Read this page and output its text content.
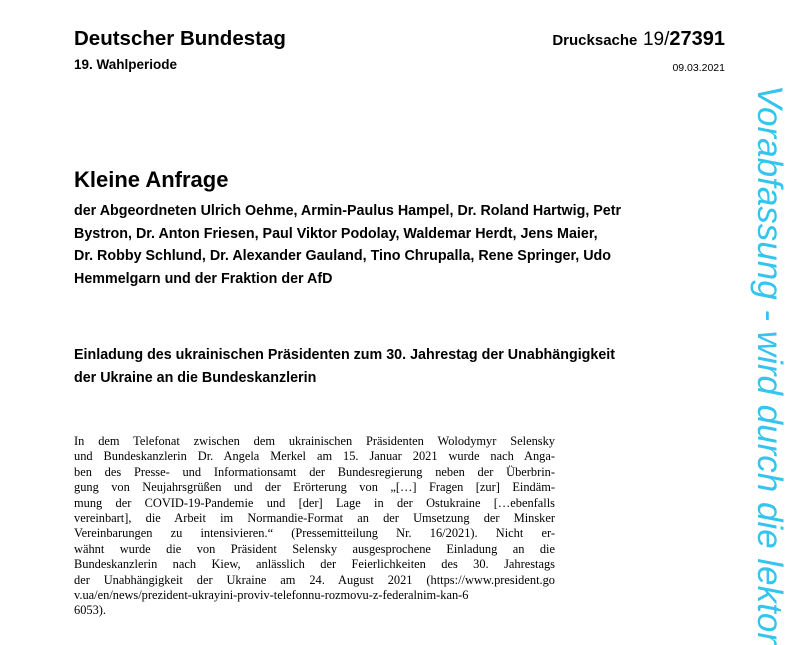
Deutscher Bundestag
19. Wahlperiode
Drucksache 19/27391
09.03.2021
Kleine Anfrage
der Abgeordneten Ulrich Oehme, Armin-Paulus Hampel, Dr. Roland Hartwig, Petr
Bystron, Dr. Anton Friesen, Paul Viktor Podolay, Waldemar Herdt, Jens Maier,
Dr. Robby Schlund, Dr. Alexander Gauland, Tino Chrupalla, Rene Springer, Udo
Hemmelgarn und der Fraktion der AfD
Einladung des ukrainischen Präsidenten zum 30. Jahrestag der Unabhängigkeit
der Ukraine an die Bundeskanzlerin
In dem Telefonat zwischen dem ukrainischen Präsidenten Wolodymyr Selensky
und Bundeskanzlerin Dr. Angela Merkel am 15. Januar 2021 wurde nach Anga-
ben des Presse- und Informationsamt der Bundesregierung neben der Überbrin-
gung von Neujahrsgrüßen und der Erörterung von „[…] Fragen [zur] Eindäm-
mung der COVID-19-Pandemie und [der] Lage in der Ostukraine […ebenfalls
vereinbart], die Arbeit im Normandie-Format an der Umsetzung der Minsker
Vereinbarungen zu intensivieren.“ (Pressemitteilung Nr. 16/2021). Nicht er-
wähnt wurde die von Präsident Selensky ausgesprochene Einladung an die
Bundeskanzlerin nach Kiew, anlässlich der Feierlichkeiten des 30. Jahrestags
der Unabhängigkeit der Ukraine am 24. August 2021 (https://www.president.go
v.ua/en/news/prezident-ukrayini-proviv-telefonnu-rozmovu-z-federalnim-kan-6
6053).	Vorabfassung - wird durch die lektor
